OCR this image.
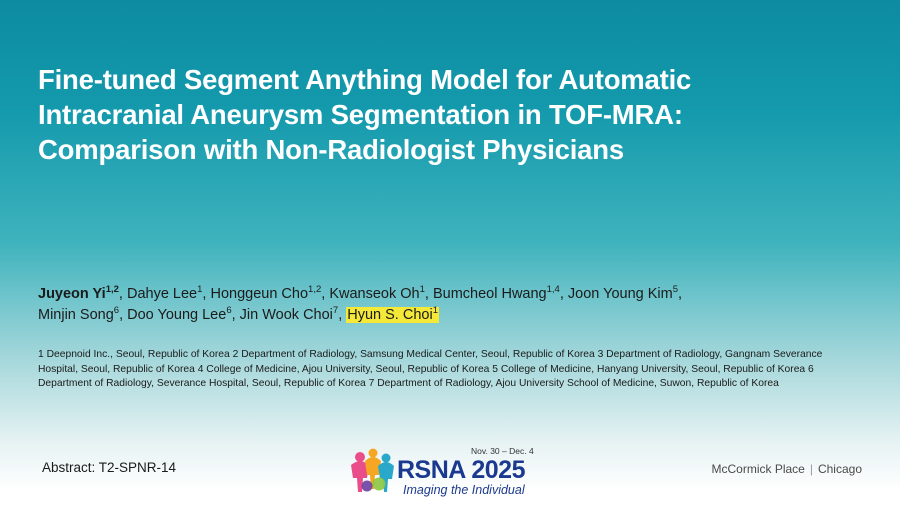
Fine-tuned Segment Anything Model for Automatic
Intracranial Aneurysm Segmentation in TOF-MRA:
Comparison with Non-Radiologist Physicians
Juyeon Yi$^{1,2}$, Dahye Lee$^1$, Honggeun Cho$^{1,2}$, Kwanseok Oh$^1$, Bumcheol Hwang$^{1,4}$, Joon Young Kim$^5$,
Minjin Song$^6$, Doo Young Lee$^6$, Jin Wook Choi$^7$, Hyun S. Choi$^1$
1 Deepnoid Inc., Seoul, Republic of Korea 2 Department of Radiology, Samsung Medical Center, Seoul, Republic of Korea 3 Department of Radiology, Gangnam Severance Hospital, Seoul, Republic of Korea 4 College of Medicine, Ajou University, Seoul, Republic of Korea 5 College of Medicine, Hanyang University, Seoul, Republic of Korea 6 Department of Radiology, Severance Hospital, Seoul, Republic of Korea 7 Department of Radiology, Ajou University School of Medicine, Suwon, Republic of Korea
Abstract: T2-SPNR-14
Nov. 30 – Dec. 4
RSNA 2025
Imaging the Individual
McCormick Place | Chicago
